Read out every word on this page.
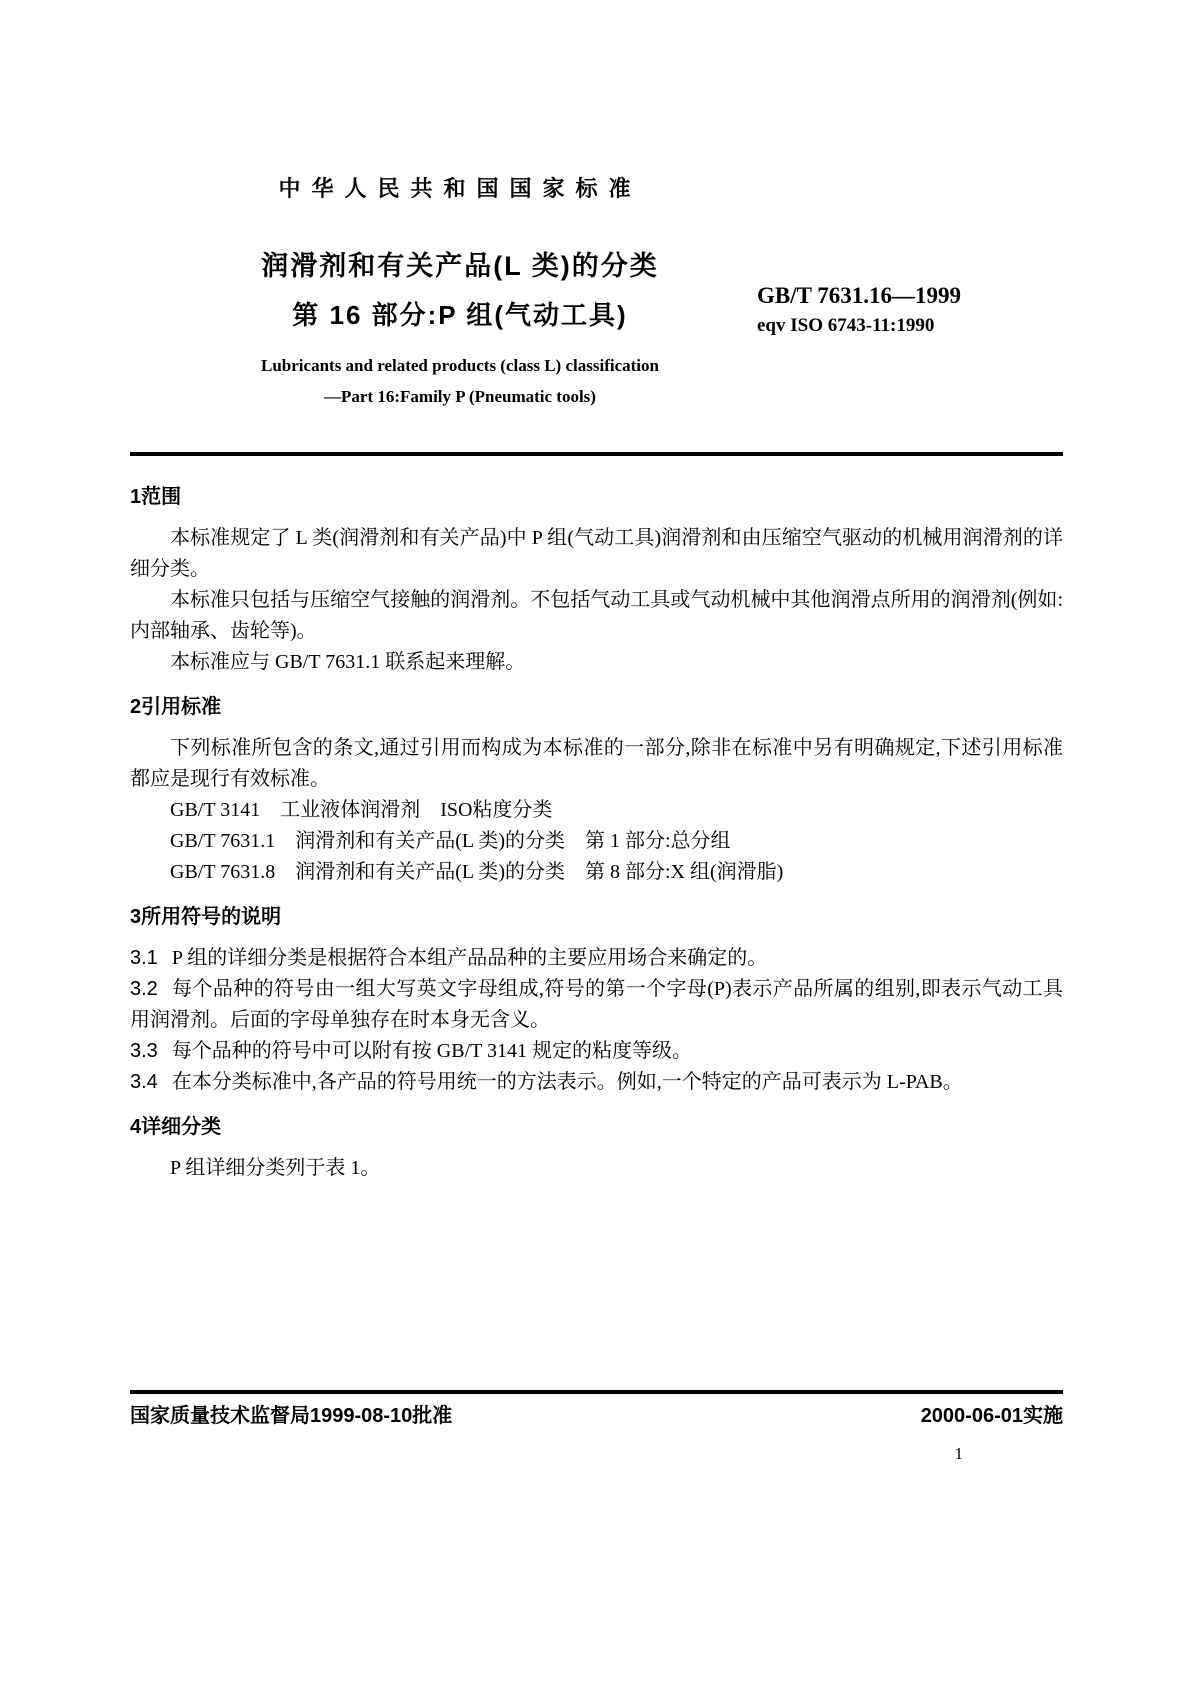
中华人民共和国国家标准
润滑剂和有关产品(L 类)的分类
第 16 部分:P 组(气动工具)
GB/T 7631.16—1999
eqv ISO 6743-11:1990
Lubricants and related products (class L) classification
—Part 16:Family P (Pneumatic tools)
1范围

本标准规定了 L 类(润滑剂和有关产品)中 P 组(气动工具)润滑剂和由压缩空气驱动的机械用润滑剂的详细分类。

本标准只包括与压缩空气接触的润滑剂。不包括气动工具或气动机械中其他润滑点所用的润滑剂(例如:内部轴承、齿轮等)。

本标准应与 GB/T 7631.1 联系起来理解。

2引用标准

下列标准所包含的条文,通过引用而构成为本标准的一部分,除非在标准中另有明确规定,下述引用标准都应是现行有效标准。

GB/T 3141　工业液体润滑剂　ISO粘度分类
GB/T 7631.1　润滑剂和有关产品(L 类)的分类　第 1 部分:总分组
GB/T 7631.8　润滑剂和有关产品(L 类)的分类　第 8 部分:X 组(润滑脂)
3所用符号的说明

3.1 P 组的详细分类是根据符合本组产品品种的主要应用场合来确定的。

3.2 每个品种的符号由一组大写英文字母组成,符号的第一个字母(P)表示产品所属的组别,即表示气动工具用润滑剂。后面的字母单独存在时本身无含义。

3.3 每个品种的符号中可以附有按 GB/T 3141 规定的粘度等级。

3.4 在本分类标准中,各产品的符号用统一的方法表示。例如,一个特定的产品可表示为 L-PAB。

4详细分类

P 组详细分类列于表 1。

国家质量技术监督局1999-08-10批准	2000-06-01实施
1
